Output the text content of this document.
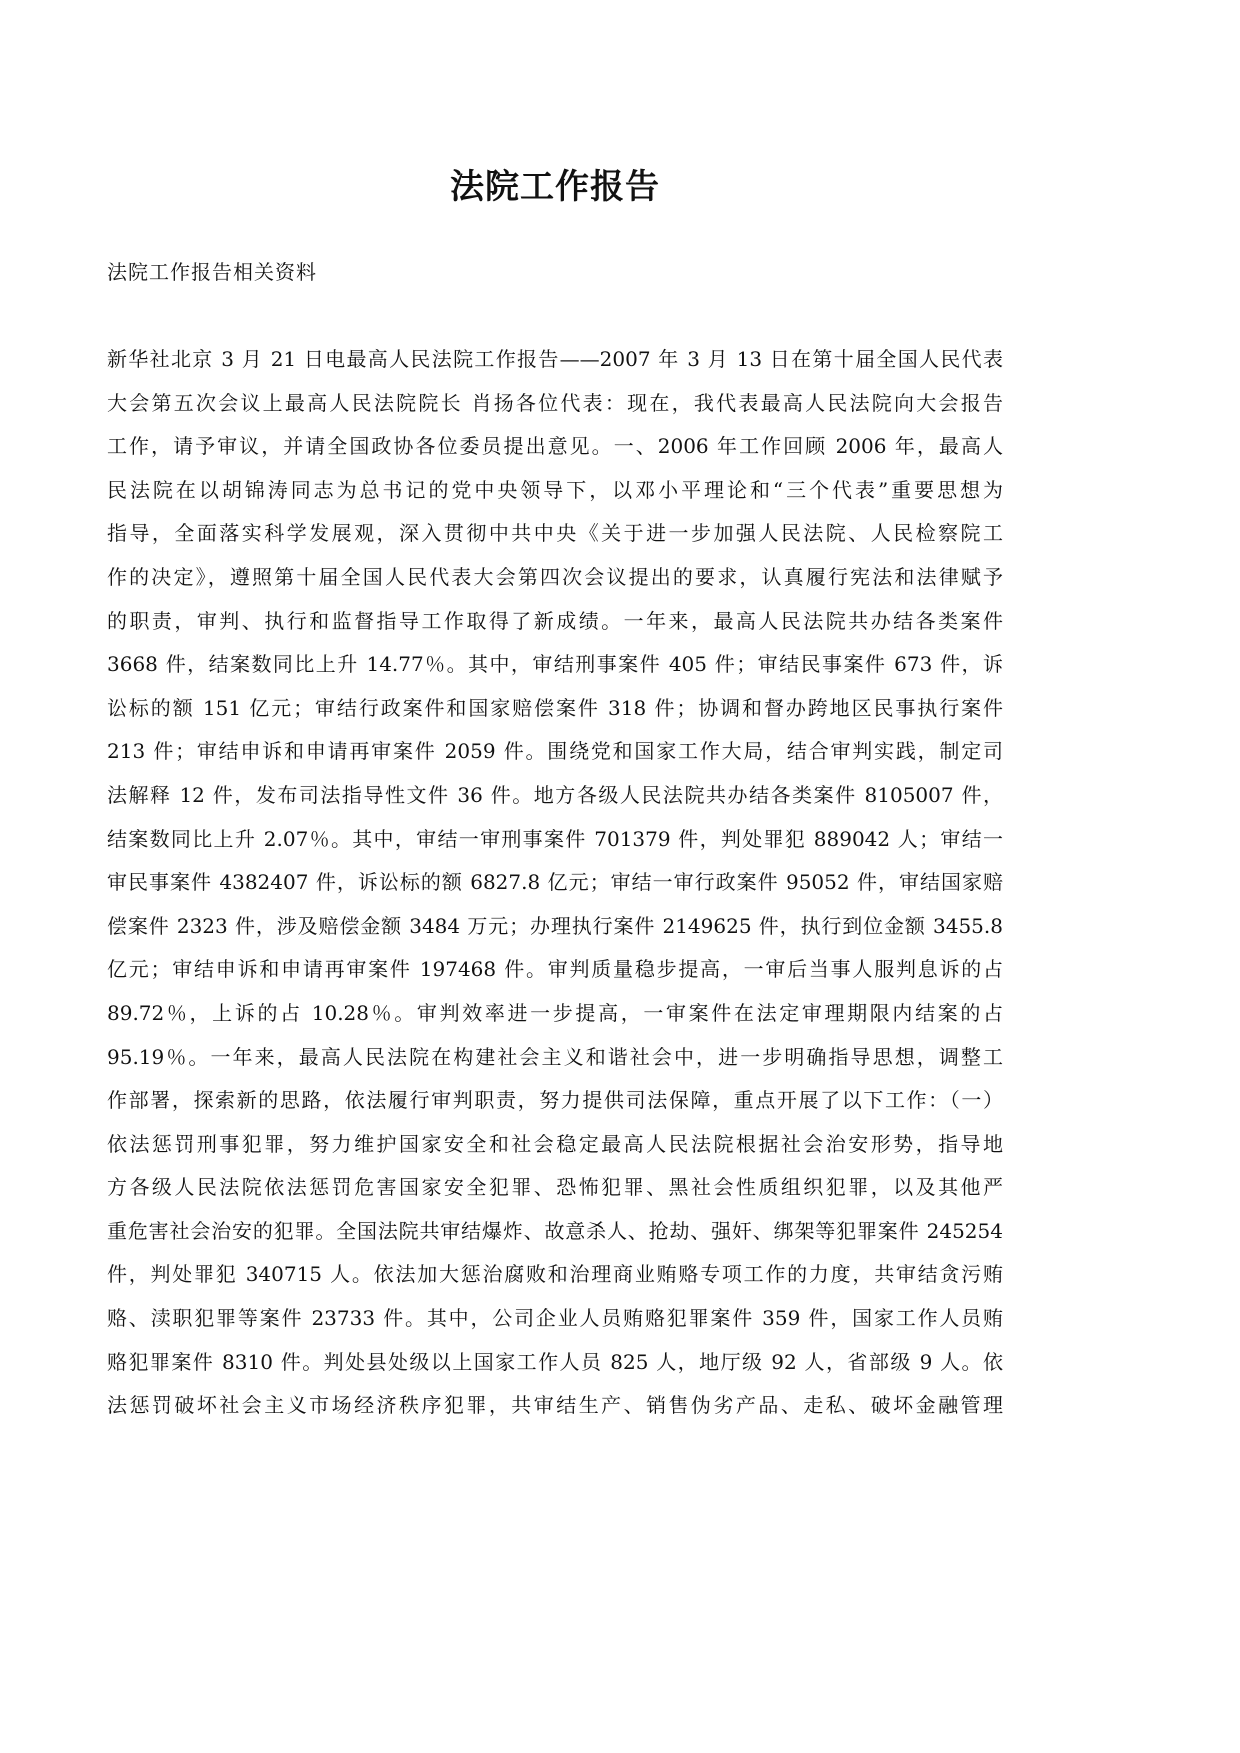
法院工作报告
法院工作报告相关资料
新华社北京 3 月 21 日电最高人民法院工作报告——2007 年 3 月 13 日在第十届全国人民代表
大会第五次会议上最高人民法院院长 肖扬各位代表：现在，我代表最高人民法院向大会报告
工作，请予审议，并请全国政协各位委员提出意见。一、2006 年工作回顾 2006 年，最高人
民法院在以胡锦涛同志为总书记的党中央领导下，以邓小平理论和“三个代表”重要思想为
指导，全面落实科学发展观，深入贯彻中共中央《关于进一步加强人民法院、人民检察院工
作的决定》，遵照第十届全国人民代表大会第四次会议提出的要求，认真履行宪法和法律赋予
的职责，审判、执行和监督指导工作取得了新成绩。一年来，最高人民法院共办结各类案件
3668 件，结案数同比上升 14.77％。其中，审结刑事案件 405 件；审结民事案件 673 件，诉
讼标的额 151 亿元；审结行政案件和国家赔偿案件 318 件；协调和督办跨地区民事执行案件
213 件；审结申诉和申请再审案件 2059 件。围绕党和国家工作大局，结合审判实践，制定司
法解释 12 件，发布司法指导性文件 36 件。地方各级人民法院共办结各类案件 8105007 件，
结案数同比上升 2.07％。其中，审结一审刑事案件 701379 件，判处罪犯 889042 人；审结一
审民事案件 4382407 件，诉讼标的额 6827.8 亿元；审结一审行政案件 95052 件，审结国家赔
偿案件 2323 件，涉及赔偿金额 3484 万元；办理执行案件 2149625 件，执行到位金额 3455.8
亿元；审结申诉和申请再审案件 197468 件。审判质量稳步提高，一审后当事人服判息诉的占
89.72％，上诉的占 10.28％。审判效率进一步提高，一审案件在法定审理期限内结案的占
95.19％。一年来，最高人民法院在构建社会主义和谐社会中，进一步明确指导思想，调整工
作部署，探索新的思路，依法履行审判职责，努力提供司法保障，重点开展了以下工作：（一）
依法惩罚刑事犯罪，努力维护国家安全和社会稳定最高人民法院根据社会治安形势，指导地
方各级人民法院依法惩罚危害国家安全犯罪、恐怖犯罪、黑社会性质组织犯罪，以及其他严
重危害社会治安的犯罪。全国法院共审结爆炸、故意杀人、抢劫、强奸、绑架等犯罪案件 245254
件，判处罪犯 340715 人。依法加大惩治腐败和治理商业贿赂专项工作的力度，共审结贪污贿
赂、渎职犯罪等案件 23733 件。其中，公司企业人员贿赂犯罪案件 359 件，国家工作人员贿
赂犯罪案件 8310 件。判处县处级以上国家工作人员 825 人，地厅级 92 人，省部级 9 人。依
法惩罚破坏社会主义市场经济秩序犯罪，共审结生产、销售伪劣产品、走私、破坏金融管理
